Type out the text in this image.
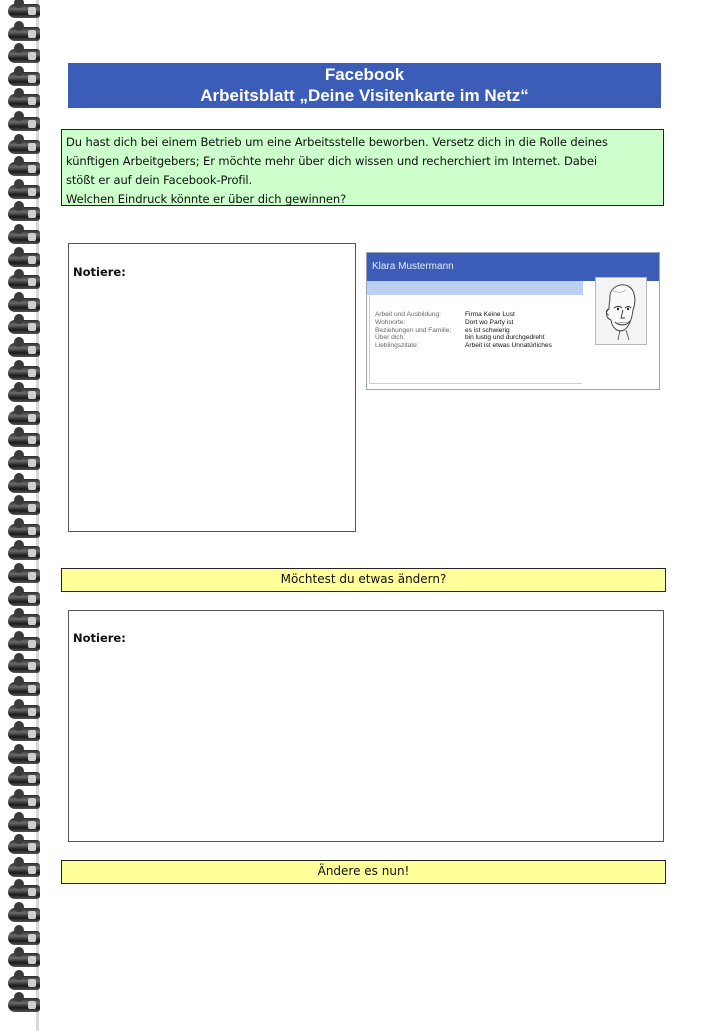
Facebook
Arbeitsblatt „Deine Visitenkarte im Netz“
Du hast dich bei einem Betrieb um eine Arbeitsstelle beworben. Versetz dich in die Rolle deines
künftigen Arbeitgebers; Er möchte mehr über dich wissen und recherchiert im Internet. Dabei
stößt er auf dein Facebook-Profil.
Welchen Eindruck könnte er über dich gewinnen?
Notiere:	Klara Mustermann
Arbeit und Ausbildung:	Firma Keine Lust
Wohnorte:	Dort wo Party ist
Beziehungen und Familie: es ist schwierig
Über dich:	bin lustig und durchgedreht
Lieblingszitate:	Arbeit ist etwas Unnatürliches
Möchtest du etwas ändern?
Notiere:
Ändere es nun!
